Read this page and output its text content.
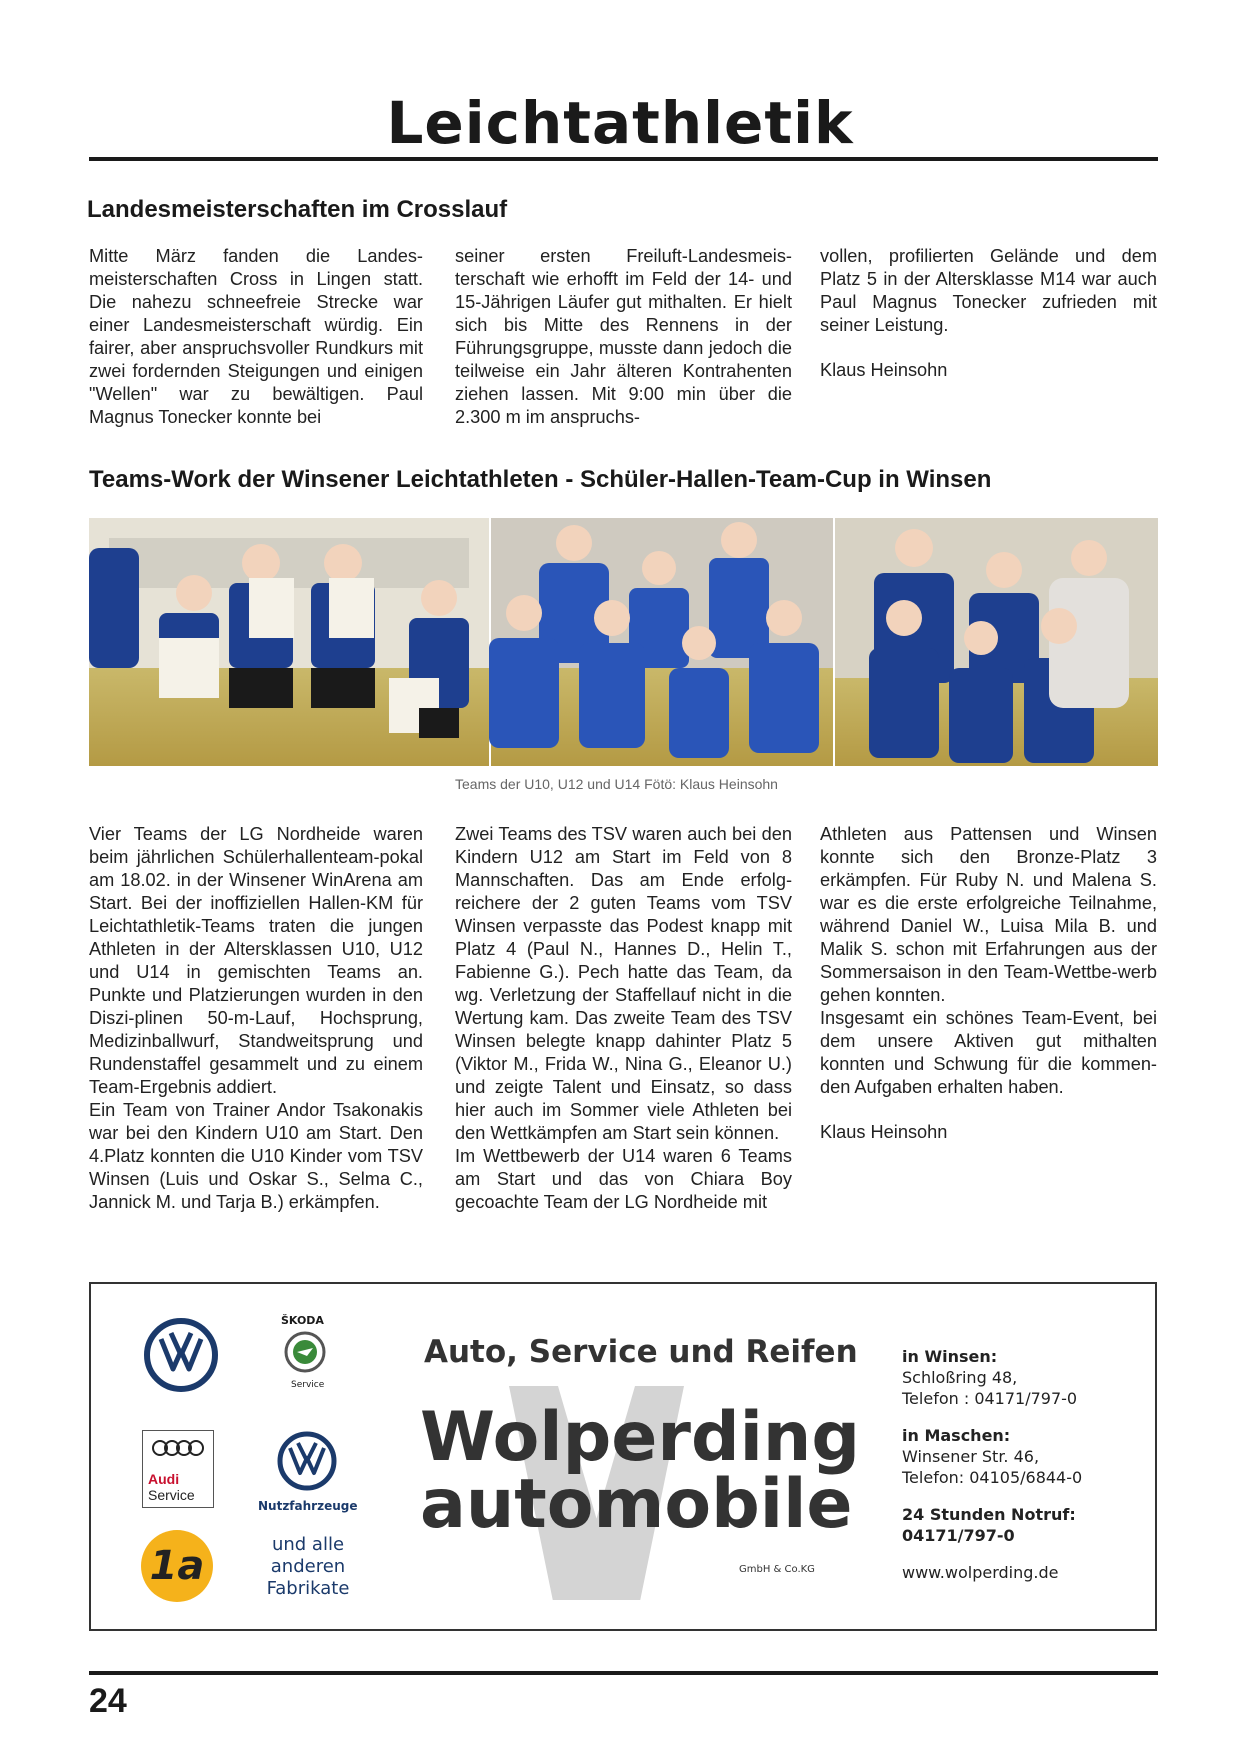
Leichtathletik
Landesmeisterschaften im Crosslauf

Mitte März fanden die Landes-meisterschaften Cross in Lingen statt. Die nahezu schneefreie Strecke war einer Landesmeisterschaft würdig. Ein fairer, aber anspruchsvoller Rundkurs mit zwei fordernden Steigungen und einigen "Wellen" war zu bewältigen. Paul Magnus Tonecker konnte bei

seiner ersten Freiluft-Landesmeis-terschaft wie erhofft im Feld der 14- und 15-Jährigen Läufer gut mithalten. Er hielt sich bis Mitte des Rennens in der Führungsgruppe, musste dann jedoch die teilweise ein Jahr älteren Kontrahenten ziehen lassen. Mit 9:00 min über die 2.300 m im anspruchs-

vollen, profilierten Gelände und dem Platz 5 in der Altersklasse M14 war auch Paul Magnus Tonecker zufrieden mit seiner Leistung.

Klaus Heinsohn

Teams-Work der Winsener Leichtathleten - Schüler-Hallen-Team-Cup in Winsen
Teams der U10, U12 und U14 Fötö: Klaus Heinsohn

Vier Teams der LG Nordheide waren beim jährlichen Schülerhallenteam-pokal am 18.02. in der Winsener WinArena am Start. Bei der inoffiziellen Hallen-KM für Leichtathletik-Teams traten die jungen Athleten in der Altersklassen U10, U12 und U14 in gemischten Teams an. Punkte und Platzierungen wurden in den Diszi-plinen 50-m-Lauf, Hochsprung, Medizinballwurf, Standweitsprung und Rundenstaffel gesammelt und zu einem Team-Ergebnis addiert.

Ein Team von Trainer Andor Tsakonakis war bei den Kindern U10 am Start. Den 4.Platz konnten die U10 Kinder vom TSV Winsen (Luis und Oskar S., Selma C., Jannick M. und Tarja B.) erkämpfen.

Zwei Teams des TSV waren auch bei den Kindern U12 am Start im Feld von 8 Mannschaften. Das am Ende erfolg-reichere der 2 guten Teams vom TSV Winsen verpasste das Podest knapp mit Platz 4 (Paul N., Hannes D., Helin T., Fabienne G.). Pech hatte das Team, da wg. Verletzung der Staffellauf nicht in die Wertung kam. Das zweite Team des TSV Winsen belegte knapp dahinter Platz 5 (Viktor M., Frida W., Nina G., Eleanor U.) und zeigte Talent und Einsatz, so dass hier auch im Sommer viele Athleten bei den Wettkämpfen am Start sein können.

Im Wettbewerb der U14 waren 6 Teams am Start und das von Chiara Boy gecoachte Team der LG Nordheide mit

Athleten aus Pattensen und Winsen konnte sich den Bronze-Platz 3 erkämpfen. Für Ruby N. und Malena S. war es die erste erfolgreiche Teilnahme, während Daniel W., Luisa Mila B. und Malik S. schon mit Erfahrungen aus der Sommersaison in den Team-Wettbe-werb gehen konnten.

Insgesamt ein schönes Team-Event, bei dem unsere Aktiven gut mithalten konnten und Schwung für die kommen-den Aufgaben erhalten haben.

Klaus Heinsohn

ŠKODA
Service
Audi
Service
Nutzfahrzeuge
1a	und alle
anderen
Fabrikate
Auto, Service und Reifen
Wolperding
automobile
GmbH & Co.KG
in Winsen:
Schloßring 48,
Telefon : 04171/797-0
in Maschen:
Winsener Str. 46,
Telefon: 04105/6844-0
24 Stunden Notruf:
04171/797-0
www.wolperding.de
24
